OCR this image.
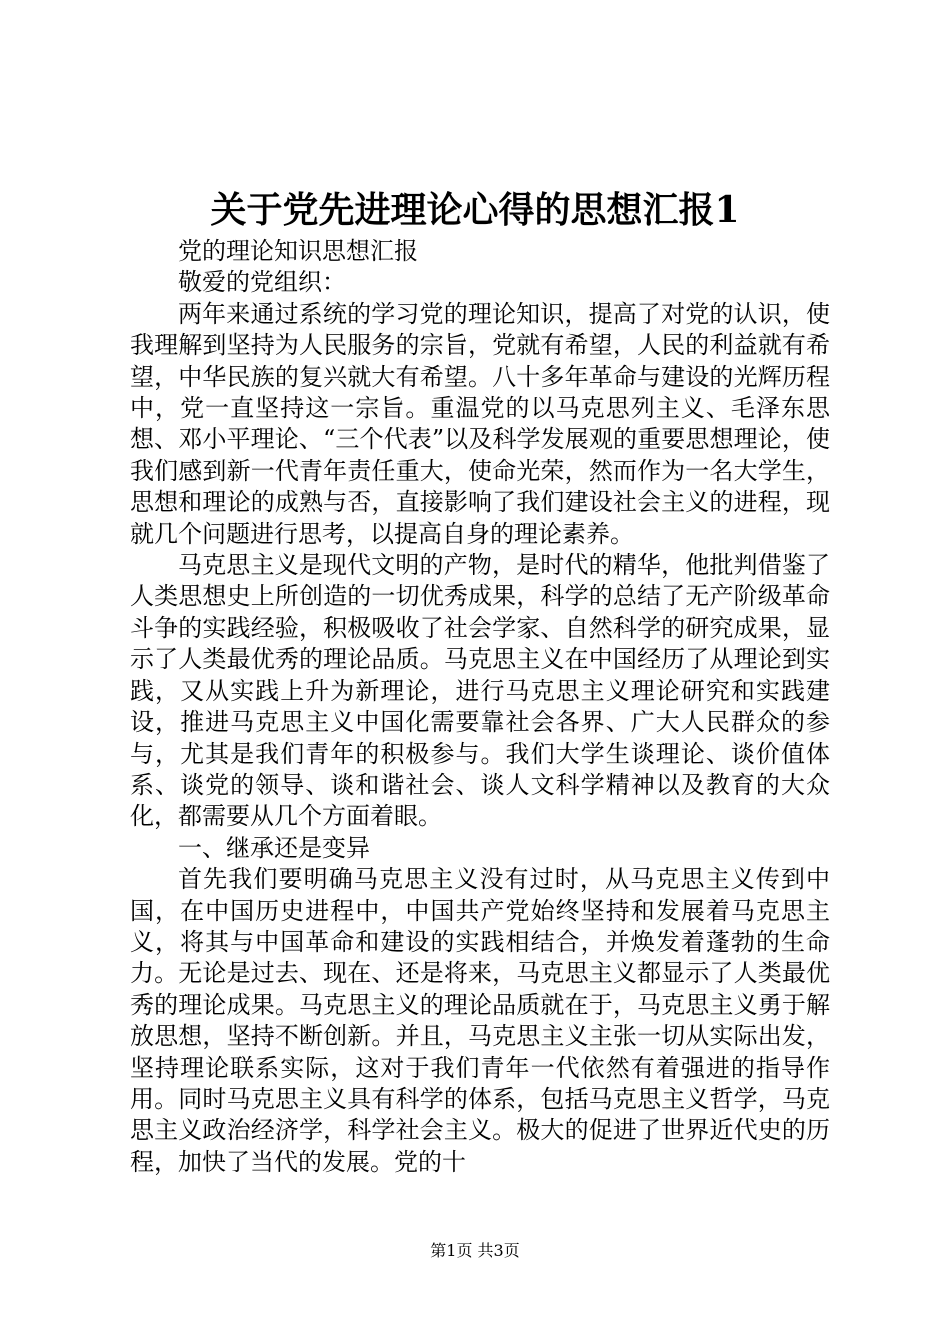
关于党先进理论心得的思想汇报1

党的理论知识思想汇报

敬爱的党组织：

两年来通过系统的学习党的理论知识，提高了对党的认识，使我理解到坚持为人民服务的宗旨，党就有希望，人民的利益就有希望，中华民族的复兴就大有希望。八十多年革命与建设的光辉历程中，党一直坚持这一宗旨。重温党的以马克思列主义、毛泽东思想、邓小平理论、“三个代表”以及科学发展观的重要思想理论，使我们感到新一代青年责任重大，使命光荣，然而作为一名大学生，思想和理论的成熟与否，直接影响了我们建设社会主义的进程，现就几个问题进行思考，以提高自身的理论素养。

马克思主义是现代文明的产物，是时代的精华，他批判借鉴了人类思想史上所创造的一切优秀成果，科学的总结了无产阶级革命斗争的实践经验，积极吸收了社会学家、自然科学的研究成果，显示了人类最优秀的理论品质。马克思主义在中国经历了从理论到实践，又从实践上升为新理论，进行马克思主义理论研究和实践建设，推进马克思主义中国化需要靠社会各界、广大人民群众的参与，尤其是我们青年的积极参与。我们大学生谈理论、谈价值体系、谈党的领导、谈和谐社会、谈人文科学精神以及教育的大众化，都需要从几个方面着眼。

一、继承还是变异

首先我们要明确马克思主义没有过时，从马克思主义传到中国，在中国历史进程中，中国共产党始终坚持和发展着马克思主义，将其与中国革命和建设的实践相结合，并焕发着蓬勃的生命力。无论是过去、现在、还是将来，马克思主义都显示了人类最优秀的理论成果。马克思主义的理论品质就在于，马克思主义勇于解放思想，坚持不断创新。并且，马克思主义主张一切从实际出发，坚持理论联系实际，这对于我们青年一代依然有着强进的指导作用。同时马克思主义具有科学的体系，包括马克思主义哲学，马克思主义政治经济学，科学社会主义。极大的促进了世界近代史的历程，加快了当代的发展。党的十

第1页 共3页
